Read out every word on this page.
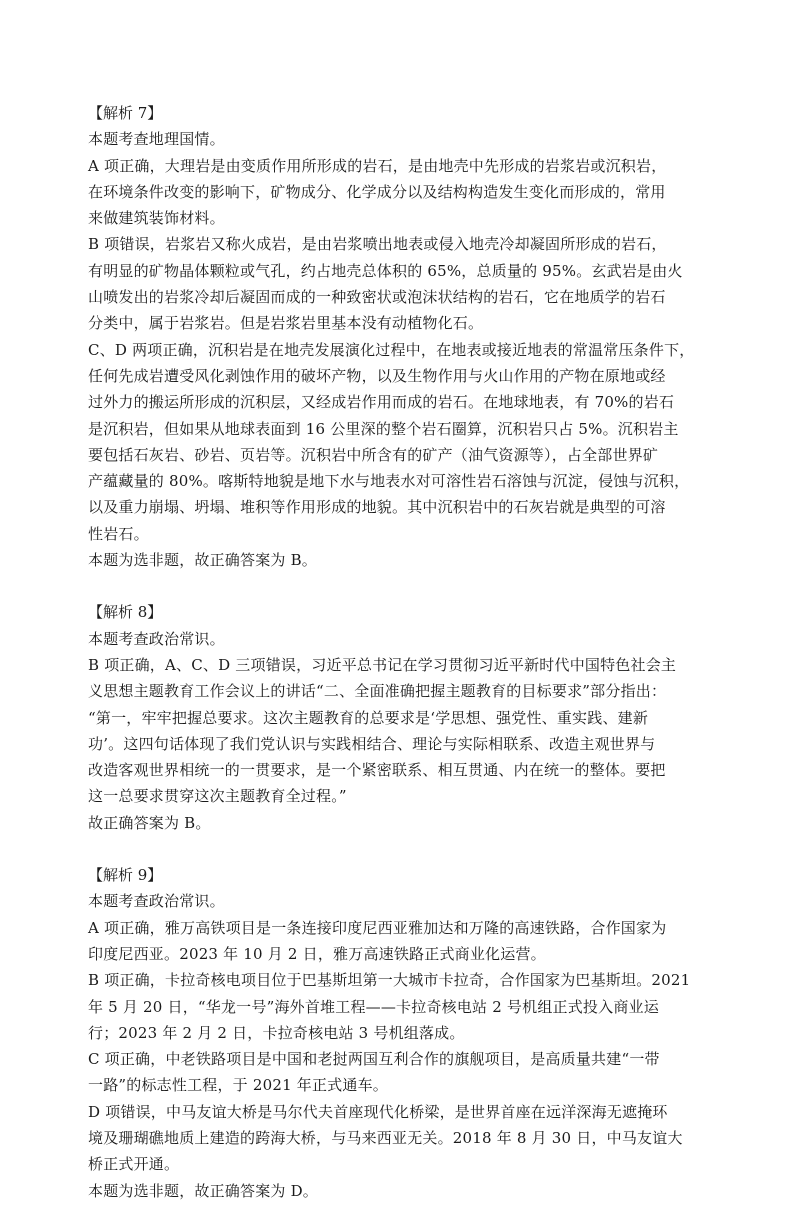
【解析 7】
本题考查地理国情。
A 项正确，大理岩是由变质作用所形成的岩石，是由地壳中先形成的岩浆岩或沉积岩，
在环境条件改变的影响下，矿物成分、化学成分以及结构构造发生变化而形成的，常用
来做建筑装饰材料。
B 项错误，岩浆岩又称火成岩，是由岩浆喷出地表或侵入地壳冷却凝固所形成的岩石，
有明显的矿物晶体颗粒或气孔，约占地壳总体积的 65%，总质量的 95%。玄武岩是由火
山喷发出的岩浆冷却后凝固而成的一种致密状或泡沫状结构的岩石，它在地质学的岩石
分类中，属于岩浆岩。但是岩浆岩里基本没有动植物化石。
C、D 两项正确，沉积岩是在地壳发展演化过程中，在地表或接近地表的常温常压条件下，
任何先成岩遭受风化剥蚀作用的破坏产物，以及生物作用与火山作用的产物在原地或经
过外力的搬运所形成的沉积层，又经成岩作用而成的岩石。在地球地表，有 70%的岩石
是沉积岩，但如果从地球表面到 16 公里深的整个岩石圈算，沉积岩只占 5%。沉积岩主
要包括石灰岩、砂岩、页岩等。沉积岩中所含有的矿产（油气资源等），占全部世界矿
产蕴藏量的 80%。喀斯特地貌是地下水与地表水对可溶性岩石溶蚀与沉淀，侵蚀与沉积，
以及重力崩塌、坍塌、堆积等作用形成的地貌。其中沉积岩中的石灰岩就是典型的可溶
性岩石。
本题为选非题，故正确答案为 B。
【解析 8】
本题考查政治常识。
B 项正确，A、C、D 三项错误，习近平总书记在学习贯彻习近平新时代中国特色社会主
义思想主题教育工作会议上的讲话“二、全面准确把握主题教育的目标要求”部分指出：
“第一，牢牢把握总要求。这次主题教育的总要求是‘学思想、强党性、重实践、建新
功’。这四句话体现了我们党认识与实践相结合、理论与实际相联系、改造主观世界与
改造客观世界相统一的一贯要求，是一个紧密联系、相互贯通、内在统一的整体。要把
这一总要求贯穿这次主题教育全过程。”
故正确答案为 B。
【解析 9】
本题考查政治常识。
A 项正确，雅万高铁项目是一条连接印度尼西亚雅加达和万隆的高速铁路，合作国家为
印度尼西亚。2023 年 10 月 2 日，雅万高速铁路正式商业化运营。
B 项正确，卡拉奇核电项目位于巴基斯坦第一大城市卡拉奇，合作国家为巴基斯坦。2021
年 5 月 20 日，“华龙一号”海外首堆工程——卡拉奇核电站 2 号机组正式投入商业运
行；2023 年 2 月 2 日，卡拉奇核电站 3 号机组落成。
C 项正确，中老铁路项目是中国和老挝两国互利合作的旗舰项目，是高质量共建“一带
一路”的标志性工程，于 2021 年正式通车。
D 项错误，中马友谊大桥是马尔代夫首座现代化桥梁，是世界首座在远洋深海无遮掩环
境及珊瑚礁地质上建造的跨海大桥，与马来西亚无关。2018 年 8 月 30 日，中马友谊大
桥正式开通。
本题为选非题，故正确答案为 D。
